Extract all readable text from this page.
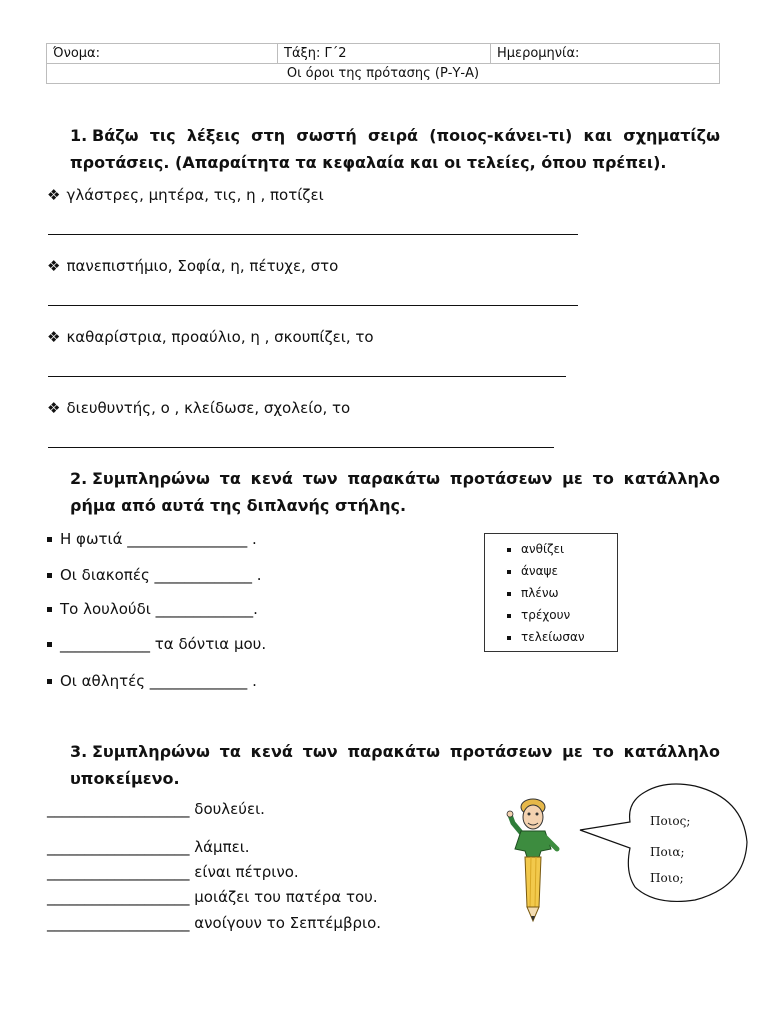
Όνομα:	Τάξη: Γ΄2	Ημερομηνία:
Οι όροι της πρότασης (Ρ-Υ-Α)
1. Βάζω τις λέξεις στη σωστή σειρά (ποιος-κάνει-τι) και σχηματίζω προτάσεις. (Απαραίτητα τα κεφαλαία και οι τελείες, όπου πρέπει).
❖ γλάστρες, μητέρα, τις, η , ποτίζει
❖ πανεπιστήμιο, Σοφία, η, πέτυχε, στο
❖ καθαρίστρια, προαύλιο, η , σκουπίζει, το
❖ διευθυντής, ο , κλείδωσε, σχολείο, το
2. Συμπληρώνω τα κενά των παρακάτω προτάσεων με το κατάλληλο ρήμα από αυτά της διπλανής στήλης.
Η φωτιά ________________ .
Οι διακοπές _____________ .
Το λουλούδι _____________.
____________ τα δόντια μου.
Οι αθλητές _____________ .
ανθίζει
άναψε
πλένω
τρέχουν
τελείωσαν
3. Συμπληρώνω τα κενά των παρακάτω προτάσεων με το κατάλληλο υποκείμενο.
___________________ δουλεύει.
___________________ λάμπει.
___________________ είναι πέτρινο.
___________________ μοιάζει του πατέρα του.
___________________ ανοίγουν το Σεπτέμβριο.
Ποιος;
Ποια;
Ποιο;
